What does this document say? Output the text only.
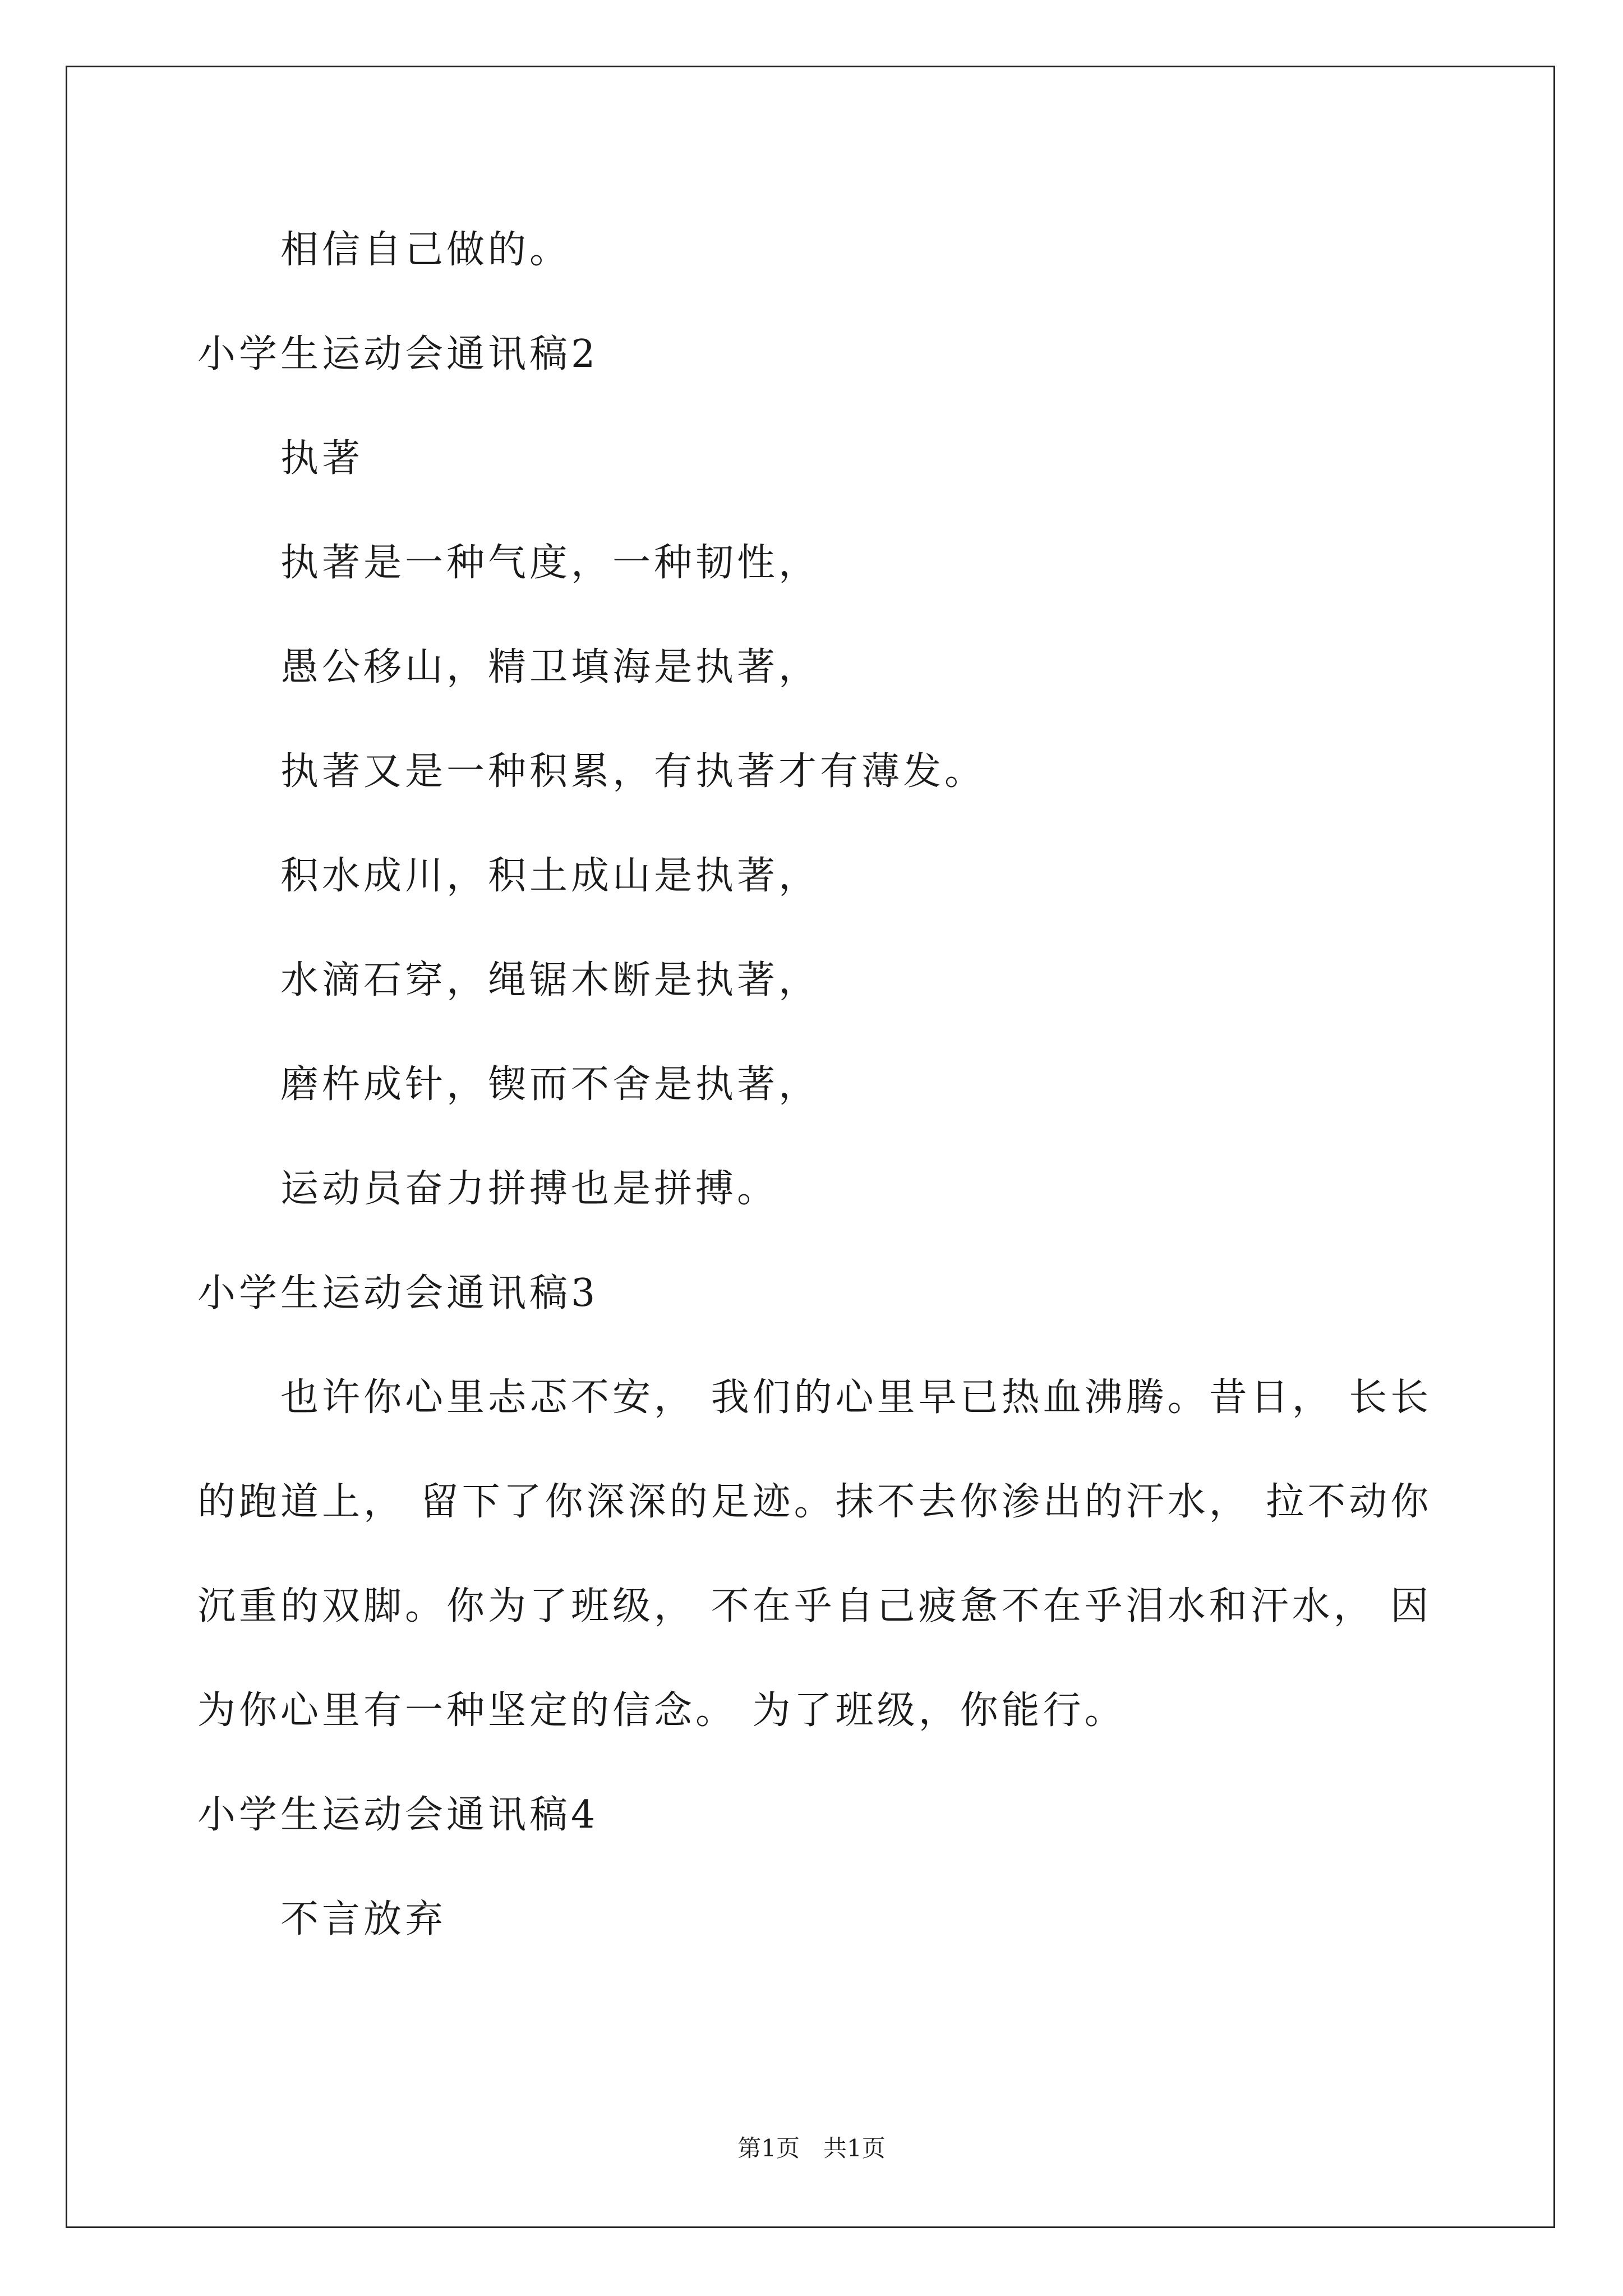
相信自己做的。
小学生运动会通讯稿2
执著
执著是一种气度，一种韧性，
愚公移山，精卫填海是执著，
执著又是一种积累，有执著才有薄发。
积水成川，积土成山是执著，
水滴石穿，绳锯木断是执著，
磨杵成针，锲而不舍是执著，
运动员奋力拼搏也是拼搏。
小学生运动会通讯稿3
也许你心里忐忑不安， 我们的心里早已热血沸腾。昔日， 长长
的跑道上， 留下了你深深的足迹。抹不去你渗出的汗水， 拉不动你
沉重的双脚。你为了班级， 不在乎自己疲惫不在乎泪水和汗水， 因
为你心里有一种坚定的信念。 为了班级，你能行。
小学生运动会通讯稿4
不言放弃
第1页　共1页
